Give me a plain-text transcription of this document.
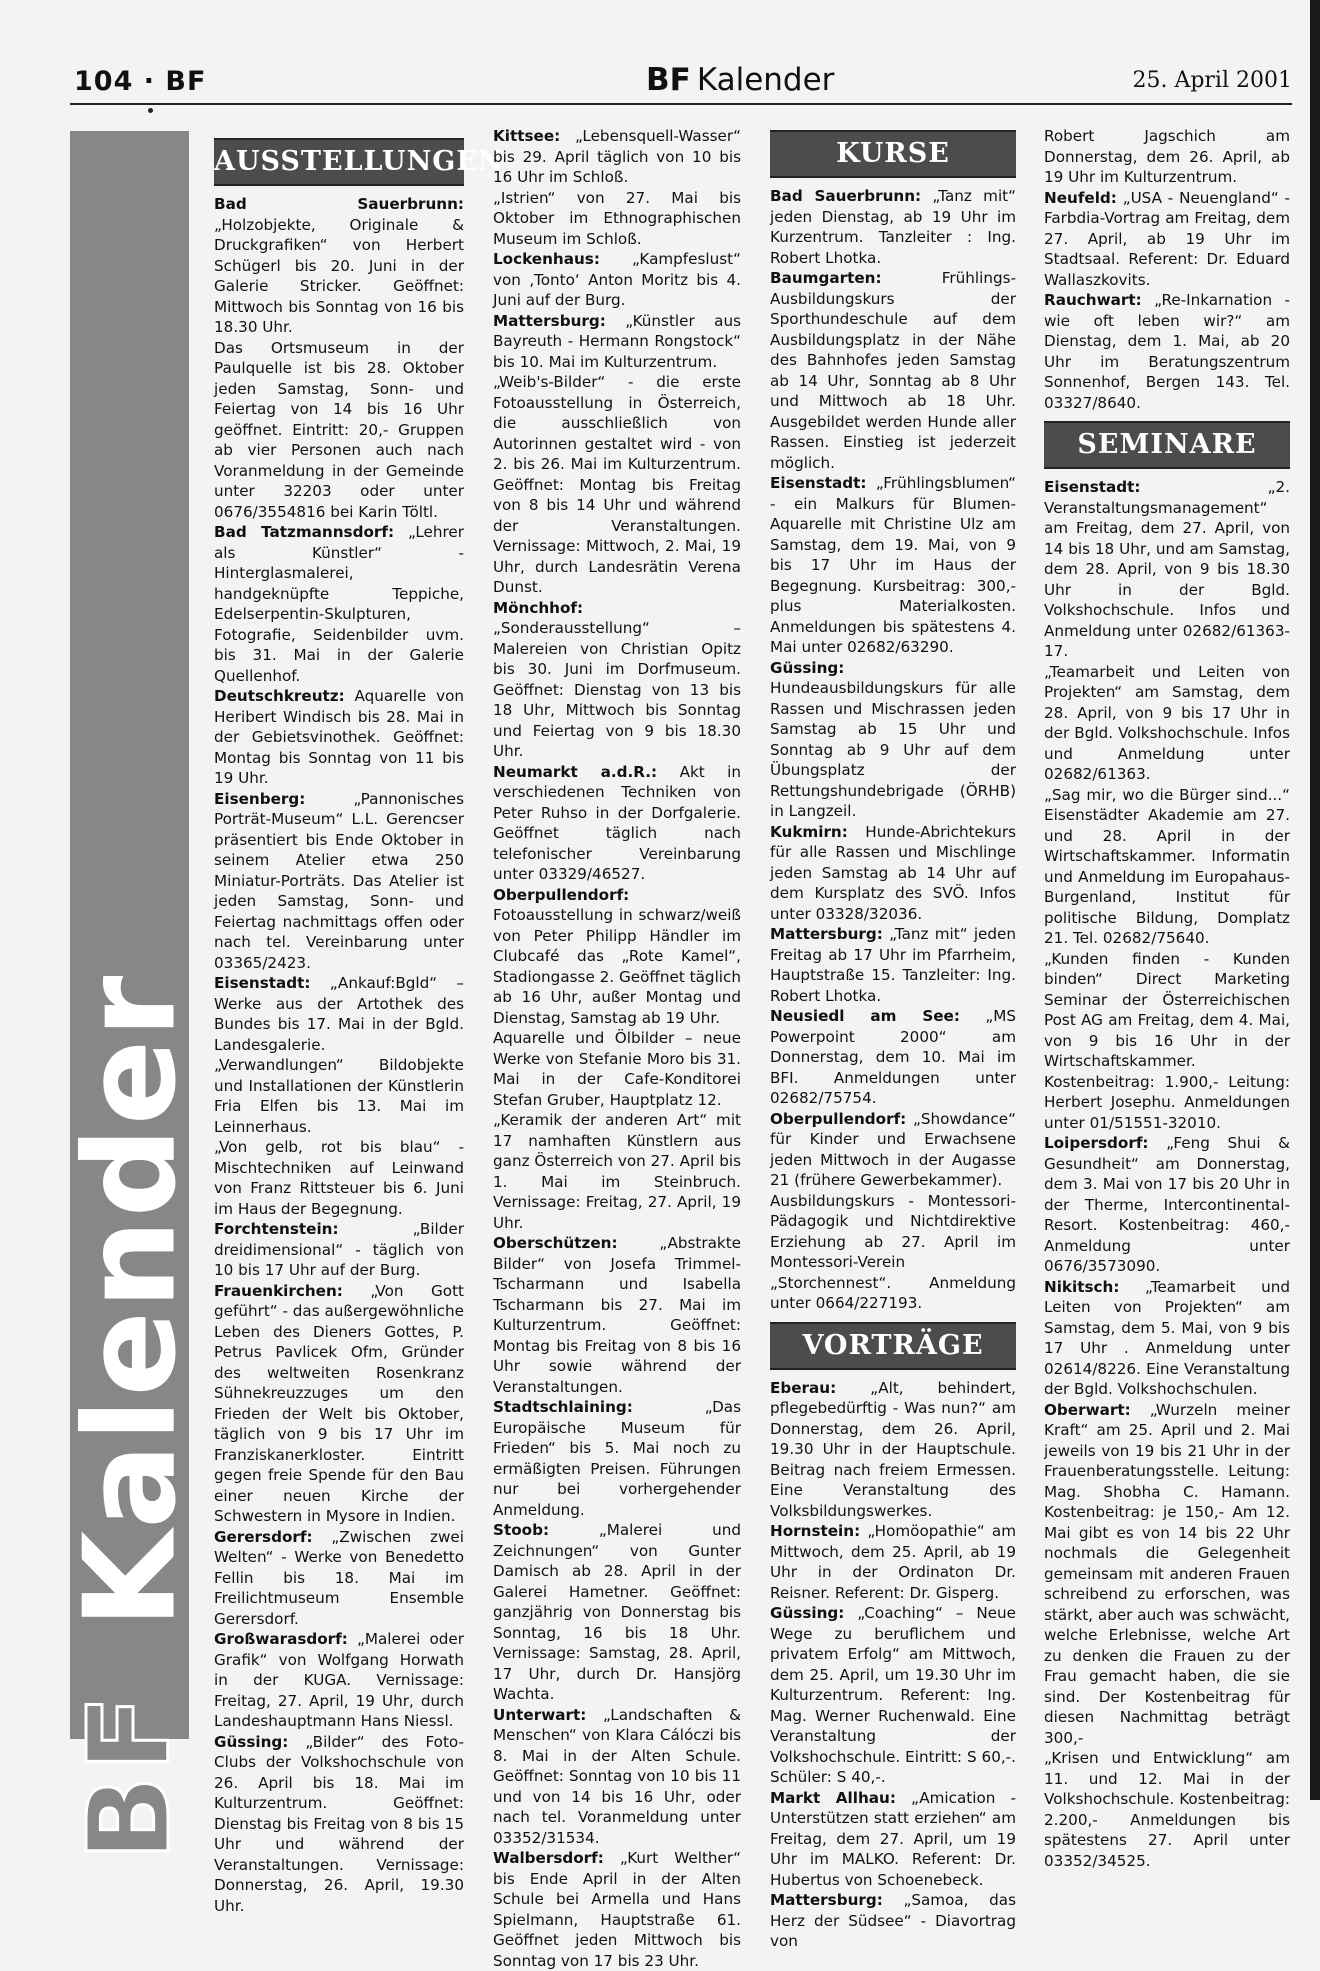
104 · BF	BF Kalender	25. April 2001
Kalender
BF
AUSSTELLUNGEN

Bad Sauerbrunn: „Holzobjekte, Originale & Druckgrafiken“ von Herbert Schügerl bis 20. Juni in der Galerie Stricker. Geöffnet: Mittwoch bis Sonntag von 16 bis 18.30 Uhr.

Das Ortsmuseum in der Paulquelle ist bis 28. Oktober jeden Samstag, Sonn- und Feiertag von 14 bis 16 Uhr geöffnet. Eintritt: 20,- Gruppen ab vier Personen auch nach Voranmeldung in der Gemeinde unter 32203 oder unter 0676/3554816 bei Karin Töltl.

Bad Tatzmannsdorf: „Lehrer als Künstler“ - Hinterglasmalerei, handgeknüpfte Teppiche, Edelserpentin-Skulpturen, Fotografie, Seidenbilder uvm. bis 31. Mai in der Galerie Quellenhof.

Deutschkreutz: Aquarelle von Heribert Windisch bis 28. Mai in der Gebietsvinothek. Geöffnet: Montag bis Sonntag von 11 bis 19 Uhr.

Eisenberg: „Pannonisches Porträt-Museum“ L.L. Gerencser präsentiert bis Ende Oktober in seinem Atelier etwa 250 Miniatur-Porträts. Das Atelier ist jeden Samstag, Sonn- und Feiertag nachmittags offen oder nach tel. Vereinbarung unter 03365/2423.

Eisenstadt: „Ankauf:Bgld“ – Werke aus der Artothek des Bundes bis 17. Mai in der Bgld. Landesgalerie.

„Verwandlungen“ Bildobjekte und Installationen der Künstlerin Fria Elfen bis 13. Mai im Leinnerhaus.

„Von gelb, rot bis blau“ - Mischtechniken auf Leinwand von Franz Rittsteuer bis 6. Juni im Haus der Begegnung.

Forchtenstein: „Bilder dreidimensional“ - täglich von 10 bis 17 Uhr auf der Burg.

Frauenkirchen: „Von Gott geführt“ - das außergewöhnliche Leben des Dieners Gottes, P. Petrus Pavlicek Ofm, Gründer des weltweiten Rosenkranz Sühnekreuzzuges um den Frieden der Welt bis Oktober, täglich von 9 bis 17 Uhr im Franziskanerkloster. Eintritt gegen freie Spende für den Bau einer neuen Kirche der Schwestern in Mysore in Indien.

Gerersdorf: „Zwischen zwei Welten“ - Werke von Benedetto Fellin bis 18. Mai im Freilichtmuseum Ensemble Gerersdorf.

Großwarasdorf: „Malerei oder Grafik“ von Wolfgang Horwath in der KUGA. Vernissage: Freitag, 27. April, 19 Uhr, durch Landeshauptmann Hans Niessl.

Güssing: „Bilder“ des Foto-Clubs der Volkshochschule von 26. April bis 18. Mai im Kulturzentrum. Geöffnet: Dienstag bis Freitag von 8 bis 15 Uhr und während der Veranstaltungen. Vernissage: Donnerstag, 26. April, 19.30 Uhr.

Kittsee: „Lebensquell-Wasser“ bis 29. April täglich von 10 bis 16 Uhr im Schloß.

„Istrien“ von 27. Mai bis Oktober im Ethnographischen Museum im Schloß.

Lockenhaus: „Kampfeslust“ von ‚Tonto‘ Anton Moritz bis 4. Juni auf der Burg.

Mattersburg: „Künstler aus Bayreuth - Hermann Rongstock“ bis 10. Mai im Kulturzentrum.

„Weib's-Bilder“ - die erste Fotoausstellung in Österreich, die ausschließlich von Autorinnen gestaltet wird - von 2. bis 26. Mai im Kulturzentrum. Geöffnet: Montag bis Freitag von 8 bis 14 Uhr und während der Veranstaltungen. Vernissage: Mittwoch, 2. Mai, 19 Uhr, durch Landesrätin Verena Dunst.

Mönchhof: „Sonderausstellung“ – Malereien von Christian Opitz bis 30. Juni im Dorfmuseum. Geöffnet: Dienstag von 13 bis 18 Uhr, Mittwoch bis Sonntag und Feiertag von 9 bis 18.30 Uhr.

Neumarkt a.d.R.: Akt in verschiedenen Techniken von Peter Ruhso in der Dorfgalerie. Geöffnet täglich nach telefonischer Vereinbarung unter 03329/46527.

Oberpullendorf: Fotoausstellung in schwarz/weiß von Peter Philipp Händler im Clubcafé das „Rote Kamel“, Stadiongasse 2. Geöffnet täglich ab 16 Uhr, außer Montag und Dienstag, Samstag ab 19 Uhr.

Aquarelle und Ölbilder – neue Werke von Stefanie Moro bis 31. Mai in der Cafe-Konditorei Stefan Gruber, Hauptplatz 12.

„Keramik der anderen Art“ mit 17 namhaften Künstlern aus ganz Österreich von 27. April bis 1. Mai im Steinbruch. Vernissage: Freitag, 27. April, 19 Uhr.

Oberschützen: „Abstrakte Bilder“ von Josefa Trimmel-Tscharmann und Isabella Tscharmann bis 27. Mai im Kulturzentrum. Geöffnet: Montag bis Freitag von 8 bis 16 Uhr sowie während der Veranstaltungen.

Stadtschlaining: „Das Europäische Museum für Frieden“ bis 5. Mai noch zu ermäßigten Preisen. Führungen nur bei vorhergehender Anmeldung.

Stoob: „Malerei und Zeichnungen“ von Gunter Damisch ab 28. April in der Galerei Hametner. Geöffnet: ganzjährig von Donnerstag bis Sonntag, 16 bis 18 Uhr. Vernissage: Samstag, 28. April, 17 Uhr, durch Dr. Hansjörg Wachta.

Unterwart: „Landschaften & Menschen“ von Klara Cálóczi bis 8. Mai in der Alten Schule. Geöffnet: Sonntag von 10 bis 11 und von 14 bis 16 Uhr, oder nach tel. Voranmeldung unter 03352/31534.

Walbersdorf: „Kurt Welther“ bis Ende April in der Alten Schule bei Armella und Hans Spielmann, Hauptstraße 61. Geöffnet jeden Mittwoch bis Sonntag von 17 bis 23 Uhr.

KURSE

Bad Sauerbrunn: „Tanz mit“ jeden Dienstag, ab 19 Uhr im Kurzentrum. Tanzleiter : Ing. Robert Lhotka.

Baumgarten: Frühlings-Ausbildungskurs der Sporthundeschule auf dem Ausbildungsplatz in der Nähe des Bahnhofes jeden Samstag ab 14 Uhr, Sonntag ab 8 Uhr und Mittwoch ab 18 Uhr. Ausgebildet werden Hunde aller Rassen. Einstieg ist jederzeit möglich.

Eisenstadt: „Frühlingsblumen“ - ein Malkurs für Blumen-Aquarelle mit Christine Ulz am Samstag, dem 19. Mai, von 9 bis 17 Uhr im Haus der Begegnung. Kursbeitrag: 300,- plus Materialkosten. Anmeldungen bis spätestens 4. Mai unter 02682/63290.

Güssing: Hundeausbildungskurs für alle Rassen und Mischrassen jeden Samstag ab 15 Uhr und Sonntag ab 9 Uhr auf dem Übungsplatz der Rettungshundebrigade (ÖRHB) in Langzeil.

Kukmirn: Hunde-Abrichtekurs für alle Rassen und Mischlinge jeden Samstag ab 14 Uhr auf dem Kursplatz des SVÖ. Infos unter 03328/32036.

Mattersburg: „Tanz mit“ jeden Freitag ab 17 Uhr im Pfarrheim, Hauptstraße 15. Tanzleiter: Ing. Robert Lhotka.

Neusiedl am See: „MS Powerpoint 2000“ am Donnerstag, dem 10. Mai im BFI. Anmeldungen unter 02682/75754.

Oberpullendorf: „Showdance“ für Kinder und Erwachsene jeden Mittwoch in der Augasse 21 (frühere Gewerbekammer).

Ausbildungskurs - Montessori-Pädagogik und Nichtdirektive Erziehung ab 27. April im Montessori-Verein „Storchennest“. Anmeldung unter 0664/227193.

VORTRÄGE

Eberau: „Alt, behindert, pflegebedürftig - Was nun?“ am Donnerstag, dem 26. April, 19.30 Uhr in der Hauptschule. Beitrag nach freiem Ermessen. Eine Veranstaltung des Volksbildungswerkes.

Hornstein: „Homöopathie“ am Mittwoch, dem 25. April, ab 19 Uhr in der Ordinaton Dr. Reisner. Referent: Dr. Gisperg.

Güssing: „Coaching“ – Neue Wege zu beruflichem und privatem Erfolg“ am Mittwoch, dem 25. April, um 19.30 Uhr im Kulturzentrum. Referent: Ing. Mag. Werner Ruchenwald. Eine Veranstaltung der Volkshochschule. Eintritt: S 60,-. Schüler: S 40,-.

Markt Allhau: „Amication - Unterstützen statt erziehen“ am Freitag, dem 27. April, um 19 Uhr im MALKO. Referent: Dr. Hubertus von Schoenebeck.

Mattersburg: „Samoa, das Herz der Südsee“ - Diavortrag von

Robert Jagschich am Donnerstag, dem 26. April, ab 19 Uhr im Kulturzentrum.

Neufeld: „USA - Neuengland“ - Farbdia-Vortrag am Freitag, dem 27. April, ab 19 Uhr im Stadtsaal. Referent: Dr. Eduard Wallaszkovits.

Rauchwart: „Re-Inkarnation - wie oft leben wir?“ am Dienstag, dem 1. Mai, ab 20 Uhr im Beratungszentrum Sonnenhof, Bergen 143. Tel. 03327/8640.

SEMINARE

Eisenstadt: „2. Veranstaltungsmanagement“ am Freitag, dem 27. April, von 14 bis 18 Uhr, und am Samstag, dem 28. April, von 9 bis 18.30 Uhr in der Bgld. Volkshochschule. Infos und Anmeldung unter 02682/61363-17.

„Teamarbeit und Leiten von Projekten“ am Samstag, dem 28. April, von 9 bis 17 Uhr in der Bgld. Volkshochschule. Infos und Anmeldung unter 02682/61363.

„Sag mir, wo die Bürger sind...“ Eisenstädter Akademie am 27. und 28. April in der Wirtschaftskammer. Informatin und Anmeldung im Europahaus-Burgenland, Institut für politische Bildung, Domplatz 21. Tel. 02682/75640.

„Kunden finden - Kunden binden“ Direct Marketing Seminar der Österreichischen Post AG am Freitag, dem 4. Mai, von 9 bis 16 Uhr in der Wirtschaftskammer. Kostenbeitrag: 1.900,- Leitung: Herbert Josephu. Anmeldungen unter 01/51551-32010.

Loipersdorf: „Feng Shui & Gesundheit“ am Donnerstag, dem 3. Mai von 17 bis 20 Uhr in der Therme, Intercontinental-Resort. Kostenbeitrag: 460,- Anmeldung unter 0676/3573090.

Nikitsch: „Teamarbeit und Leiten von Projekten“ am Samstag, dem 5. Mai, von 9 bis 17 Uhr . Anmeldung unter 02614/8226. Eine Veranstaltung der Bgld. Volkshochschulen.

Oberwart: „Wurzeln meiner Kraft“ am 25. April und 2. Mai jeweils von 19 bis 21 Uhr in der Frauenberatungsstelle. Leitung: Mag. Shobha C. Hamann. Kostenbeitrag: je 150,- Am 12. Mai gibt es von 14 bis 22 Uhr nochmals die Gelegenheit gemeinsam mit anderen Frauen schreibend zu erforschen, was stärkt, aber auch was schwächt, welche Erlebnisse, welche Art zu denken die Frauen zu der Frau gemacht haben, die sie sind. Der Kostenbeitrag für diesen Nachmittag beträgt 300,-

„Krisen und Entwicklung“ am 11. und 12. Mai in der Volkshochschule. Kostenbeitrag: 2.200,- Anmeldungen bis spätestens 27. April unter 03352/34525.
